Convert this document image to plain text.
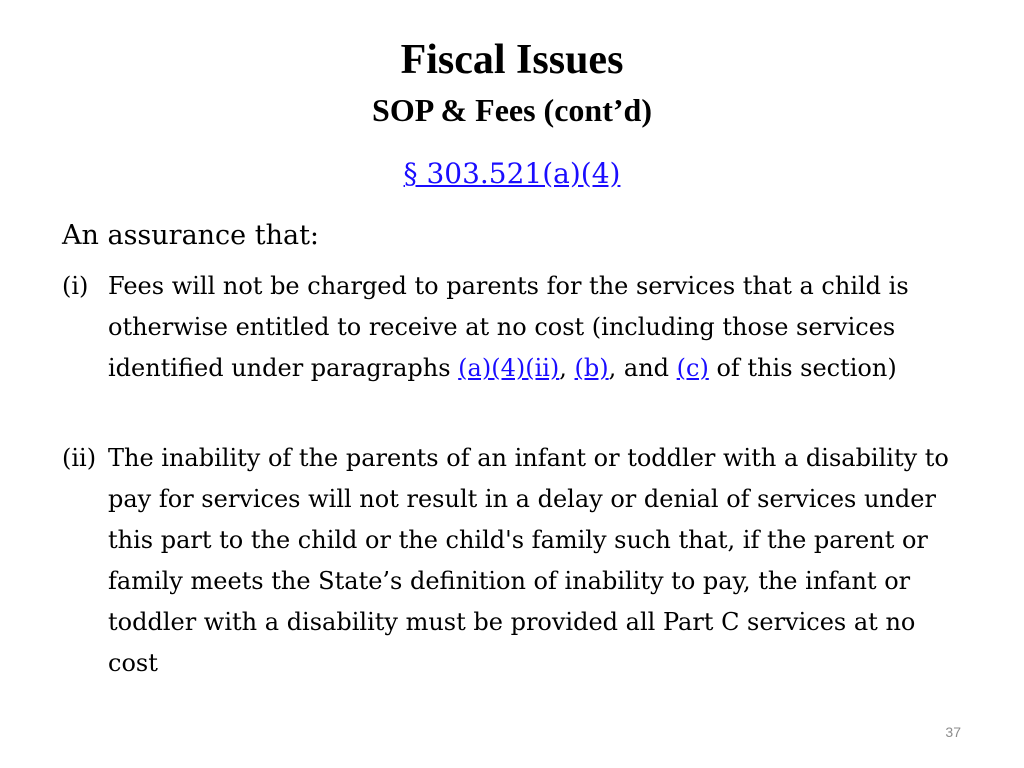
Fiscal Issues
SOP & Fees (cont’d)
§ 303.521(a)(4)

An assurance that:

(i) Fees will not be charged to parents for the services that a child is otherwise entitled to receive at no cost (including those services identified under paragraphs (a)(4)(ii), (b), and (c) of this section)
(ii) The inability of the parents of an infant or toddler with a disability to pay for services will not result in a delay or denial of services under this part to the child or the child's family such that, if the parent or family meets the State’s definition of inability to pay, the infant or toddler with a disability must be provided all Part C services at no cost
37
